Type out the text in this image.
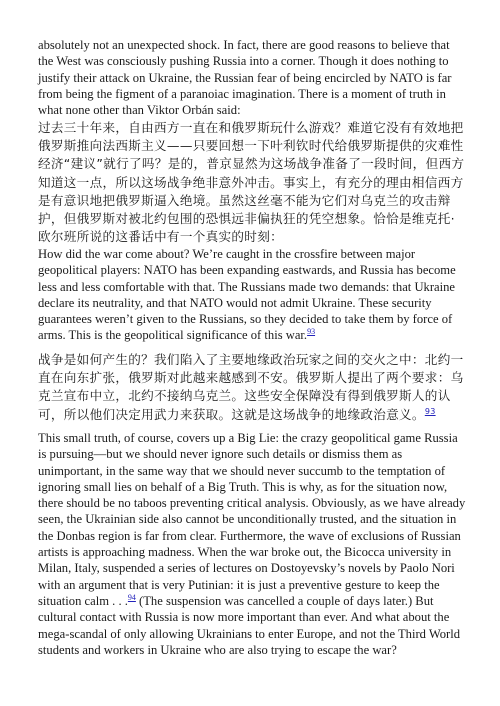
absolutely not an unexpected shock. In fact, there are good reasons to believe that the West was consciously pushing Russia into a corner. Though it does nothing to justify their attack on Ukraine, the Russian fear of being encircled by NATO is far from being the figment of a paranoiac imagination. There is a moment of truth in what none other than Viktor Orbán said:

过去三十年来，自由西方一直在和俄罗斯玩什么游戏？难道它没有有效地把俄罗斯推向法西斯主义——只要回想一下叶利钦时代给俄罗斯提供的灾难性经济“建议”就行了吗？是的，普京显然为这场战争准备了一段时间，但西方知道这一点，所以这场战争绝非意外冲击。事实上，有充分的理由相信西方是有意识地把俄罗斯逼入绝境。虽然这丝毫不能为它们对乌克兰的攻击辩护，但俄罗斯对被北约包围的恐惧远非偏执狂的凭空想象。恰恰是维克托·欧尔班所说的这番话中有一个真实的时刻：

How did the war come about? We’re caught in the crossfire between major geopolitical players: NATO has been expanding eastwards, and Russia has become less and less comfortable with that. The Russians made two demands: that Ukraine declare its neutrality, and that NATO would not admit Ukraine. These security guarantees weren’t given to the Russians, so they decided to take them by force of arms. This is the geopolitical significance of this war.$^{93}$

战争是如何产生的？我们陷入了主要地缘政治玩家之间的交火之中：北约一直在向东扩张，俄罗斯对此越来越感到不安。俄罗斯人提出了两个要求：乌克兰宣布中立，北约不接纳乌克兰。这些安全保障没有得到俄罗斯人的认可，所以他们决定用武力来获取。这就是这场战争的地缘政治意义。$^{93}$

This small truth, of course, covers up a Big Lie: the crazy geopolitical game Russia is pursuing—but we should never ignore such details or dismiss them as unimportant, in the same way that we should never succumb to the temptation of ignoring small lies on behalf of a Big Truth. This is why, as for the situation now, there should be no taboos preventing critical analysis. Obviously, as we have already seen, the Ukrainian side also cannot be unconditionally trusted, and the situation in the Donbas region is far from clear. Furthermore, the wave of exclusions of Russian artists is approaching madness. When the war broke out, the Bicocca university in Milan, Italy, suspended a series of lectures on Dostoyevsky’s novels by Paolo Nori with an argument that is very Putinian: it is just a preventive gesture to keep the situation calm . . .$^{94}$ (The suspension was cancelled a couple of days later.) But cultural contact with Russia is now more important than ever. And what about the mega-scandal of only allowing Ukrainians to enter Europe, and not the Third World students and workers in Ukraine who are also trying to escape the war?
